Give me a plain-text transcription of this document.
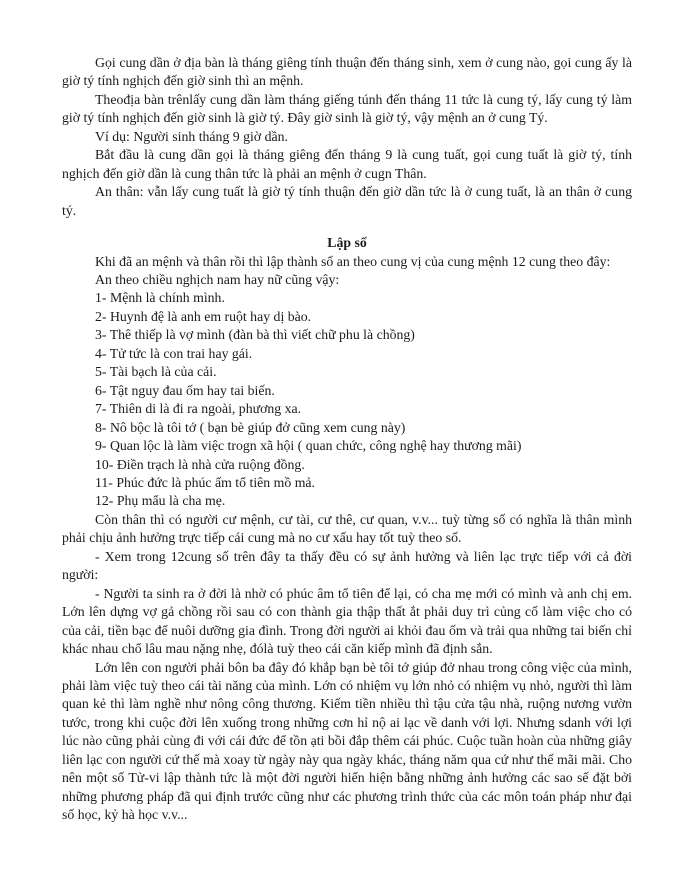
Gọi cung dần ở địa bàn là tháng giêng tính thuận đến tháng sinh, xem ở cung nào, gọi cung ấy là giờ tý tính nghịch đến giờ sinh thì an mệnh.

Theođịa bàn trênlấy cung dần làm tháng giếng túnh đến tháng 11 tức là cung tý, lấy cung tý làm giờ tý tính nghịch đến giờ sinh là giờ tý. Đây giờ sinh là giờ tý, vậy mệnh an ở cung Tý.

Ví dụ: Người sinh tháng 9 giờ dần.

Bắt đầu là cung dần gọi là tháng giêng đến tháng 9 là cung tuất, gọi cung tuất là giờ tý, tính nghịch đến giờ dần là cung thân tức là phải an mệnh ở cugn Thân.

An thân: vẫn lấy cung tuất là giờ tý tính thuận đến giờ dần tức là ở cung tuất, là an thân ở cung tý.

Lập số

Khi đã an mệnh và thân rồi thì lập thành số an theo cung vị của cung mệnh 12 cung theo đây:

An theo chiều nghịch nam hay nữ cũng vậy:

1- Mệnh là chính mình.

2- Huynh đệ là anh em ruột hay dị bào.

3- Thê thiếp là vợ mình (đàn bà thì viết chữ phu là chồng)

4- Tử tức là con trai hay gái.

5- Tài bạch là của cải.

6- Tật nguy đau ốm hay tai biến.

7- Thiên di là đi ra ngoài, phương xa.

8- Nô bộc là tôi tớ ( bạn bè giúp đở cũng xem cung này)

9- Quan lộc là làm việc trogn xã hội ( quan chức, công nghệ hay thương mãi)

10- Điền trạch là nhà cửa ruộng đồng.

11- Phúc đức là phúc ấm tổ tiên mồ mả.

12- Phụ mẩu là cha mẹ.

Còn thân thì có người cư mệnh, cư tài, cư thê, cư quan, v.v... tuỳ từng số có nghĩa là thân mình phải chịu ảnh hưởng trực tiếp cái cung mà no cư xấu hay tốt tuỳ theo số.

- Xem trong 12cung số trên đây ta thấy đều có sự ảnh hưởng và liên lạc trực tiếp với cả đời người:

- Người ta sinh ra ở đời là nhờ có phúc âm tổ tiên để lại, có cha mẹ mới có mình và anh chị em. Lớn lên dựng vợ gả chồng rồi sau có con thành gia thập thất ắt phải duy trì củng cố làm việc cho có của cải, tiền bạc để nuôi dưỡng gia đình. Trong đời người ai khỏi đau ốm và trải qua những tai biến chỉ khác nhau chổ lâu mau nặng nhẹ, đólà tuỳ theo cái căn kiếp mình đã định sắn.

Lớn lên con người phải bôn ba đây đó khắp bạn bè tôi tớ giúp đở nhau trong công việc của mình, phải làm việc tuỳ theo cái tài năng của mình. Lớn có nhiệm vụ lớn nhỏ có nhiệm vụ nhỏ, người thì làm quan kẻ thì làm nghề như nông công thương. Kiếm tiền nhiều thì tậu cửa tậu nhà, ruộng nương vườn tước, trong khi cuộc đời lên xuống trong những cơn hỉ nộ ai lạc về danh với lợi. Nhưng sdanh với lợi lúc nào cũng phải cùng đi với cái đức để tồn ạti bồi đắp thêm cái phúc. Cuộc tuần hoàn của những giây liên lạc con người cứ thế mà xoay từ ngày này qua ngày khác, tháng năm qua cứ như thế mãi mãi. Cho nên một số Tử-vi lập thành tức là một đời người hiển hiện bằng những ảnh hưởng các sao sế đặt bởi những phương pháp đã qui định trước cũng như các phương trình thức của các môn toán pháp như đại số học, kỷ hà học v.v...
